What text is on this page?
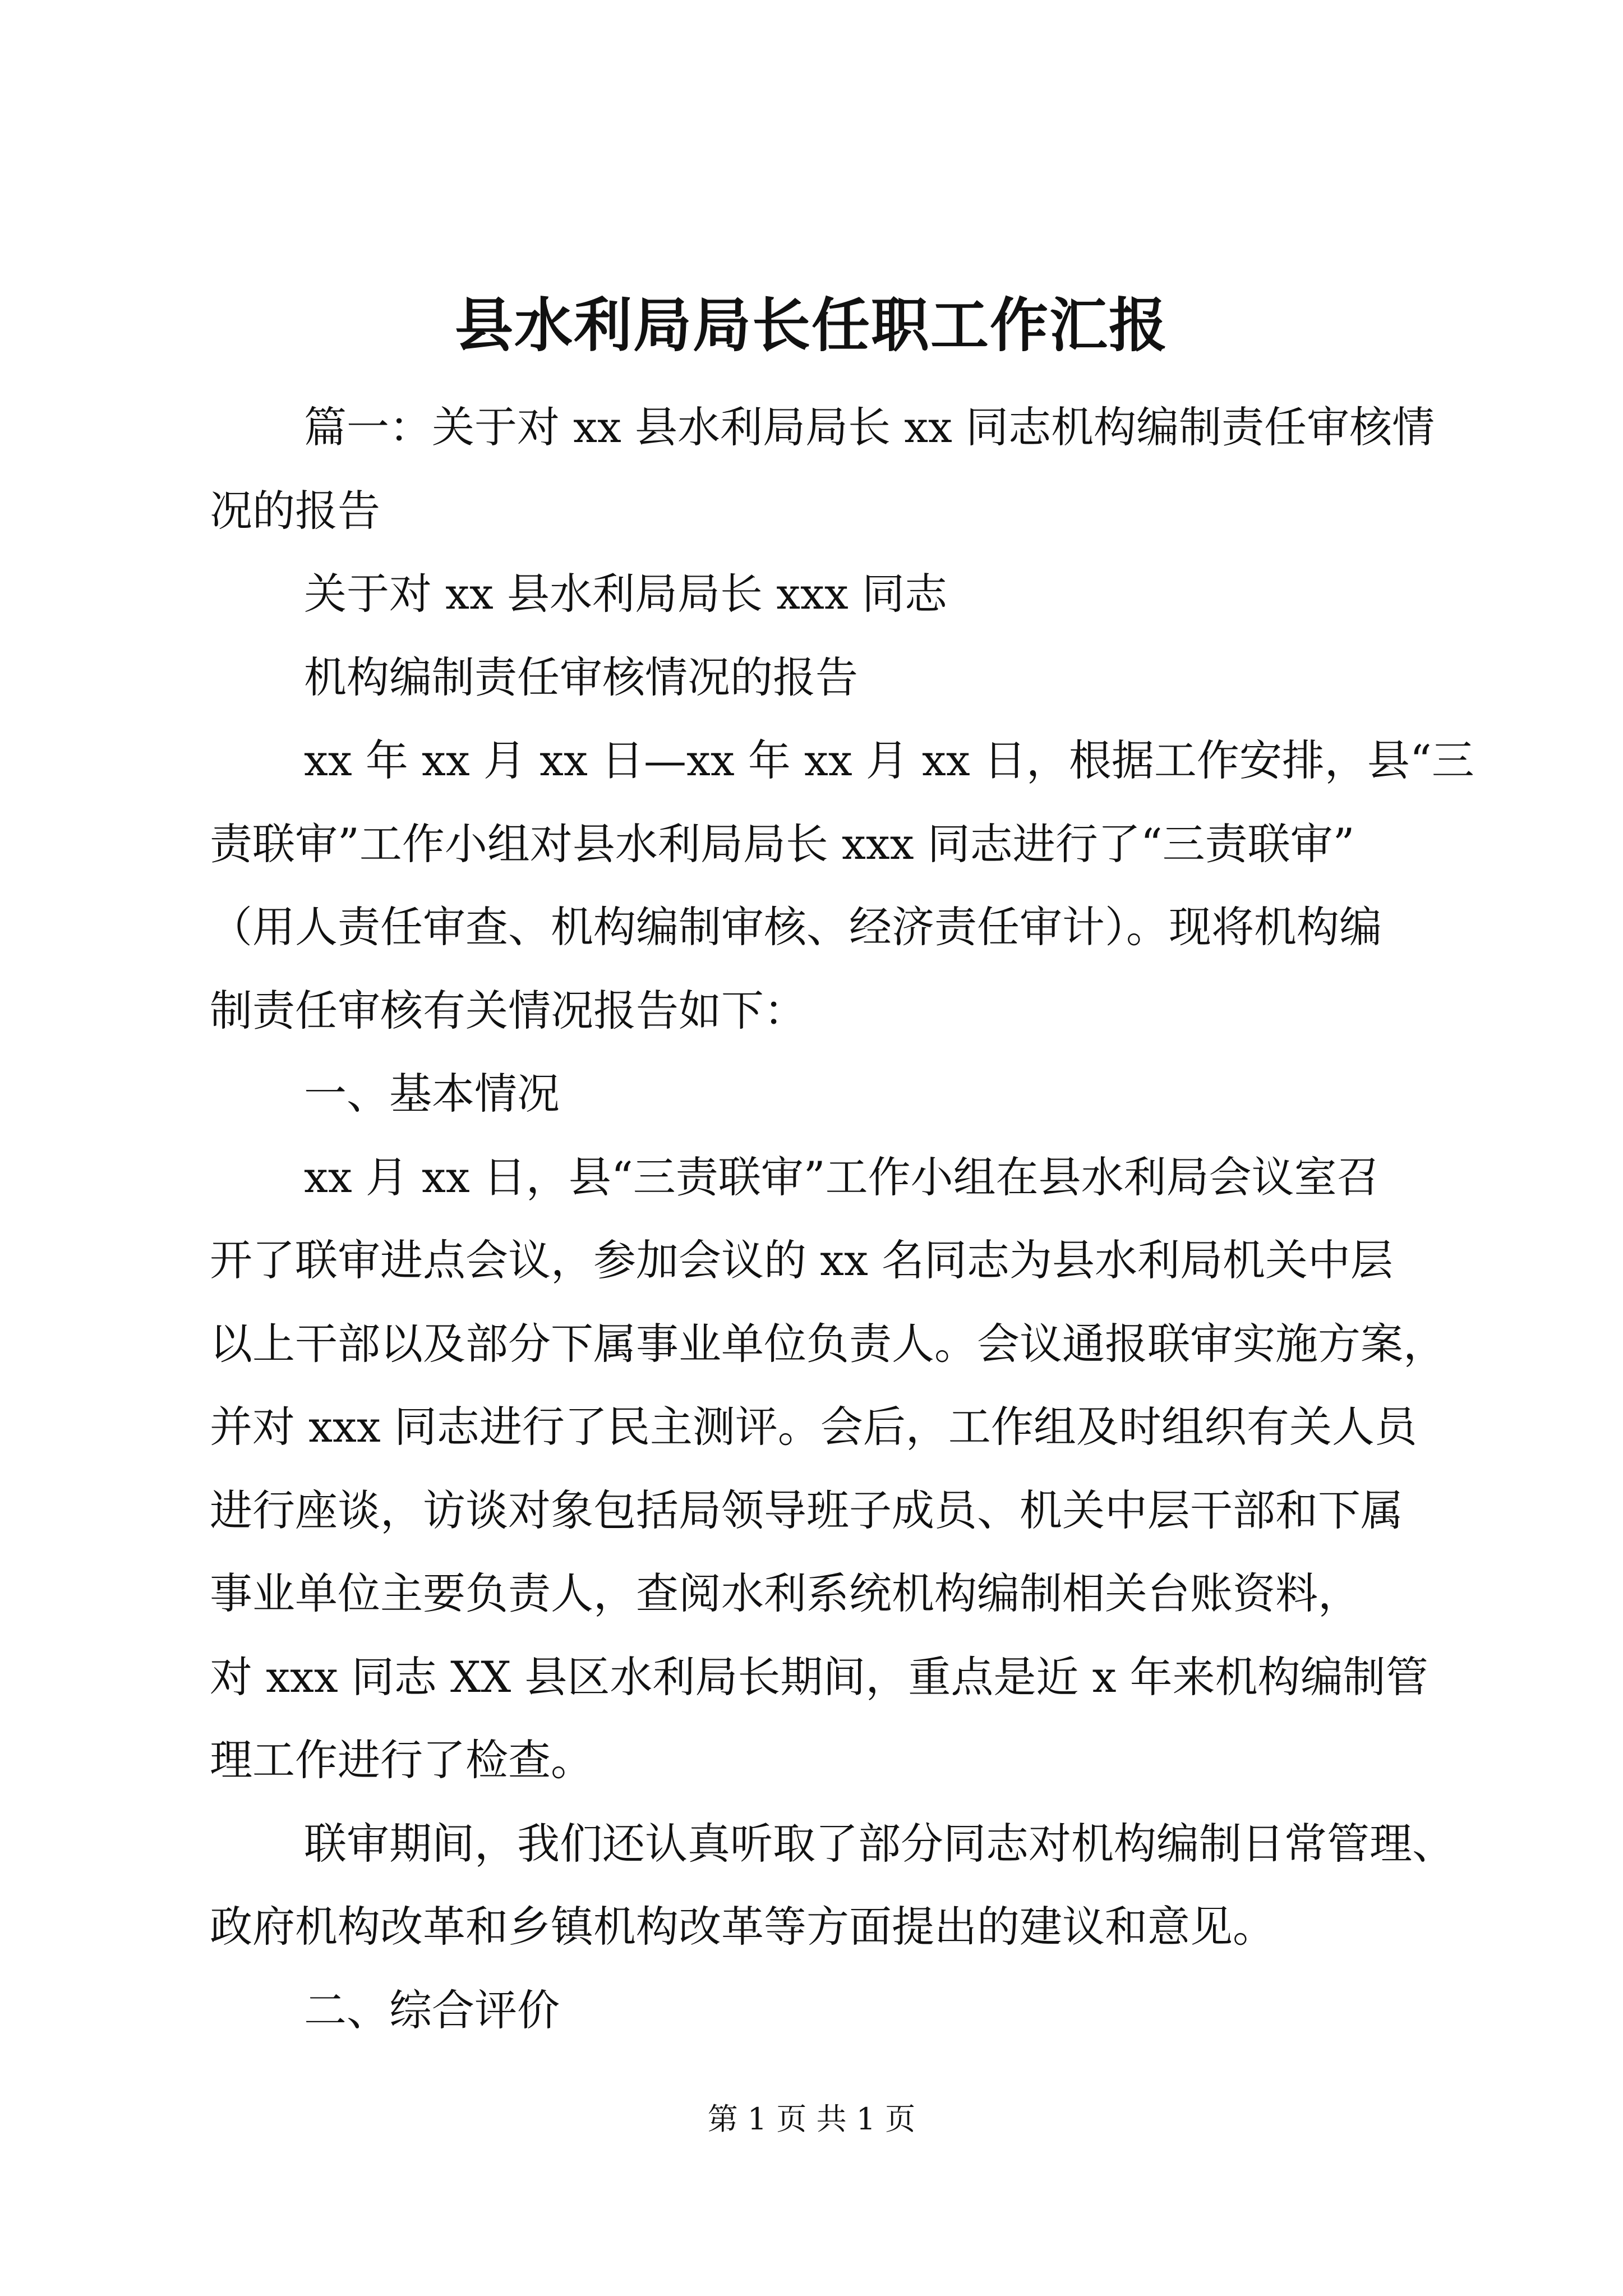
县水利局局长任职工作汇报
篇一：关于对 xx 县水利局局长 xx 同志机构编制责任审核情
况的报告
关于对 xx 县水利局局长 xxx 同志
机构编制责任审核情况的报告
xx 年 xx 月 xx 日—xx 年 xx 月 xx 日，根据工作安排，县“三
责联审”工作小组对县水利局局长 xxx 同志进行了“三责联审”
（用人责任审查、机构编制审核、经济责任审计）。现将机构编
制责任审核有关情况报告如下：
一、基本情况
xx 月 xx 日，县“三责联审”工作小组在县水利局会议室召
开了联审进点会议，参加会议的 xx 名同志为县水利局机关中层
以上干部以及部分下属事业单位负责人。会议通报联审实施方案，
并对 xxx 同志进行了民主测评。会后，工作组及时组织有关人员
进行座谈，访谈对象包括局领导班子成员、机关中层干部和下属
事业单位主要负责人，查阅水利系统机构编制相关台账资料，
对 xxx 同志 XX 县区水利局长期间，重点是近 x 年来机构编制管
理工作进行了检查。
联审期间，我们还认真听取了部分同志对机构编制日常管理、
政府机构改革和乡镇机构改革等方面提出的建议和意见。
二、综合评价
第 1 页 共 1 页
